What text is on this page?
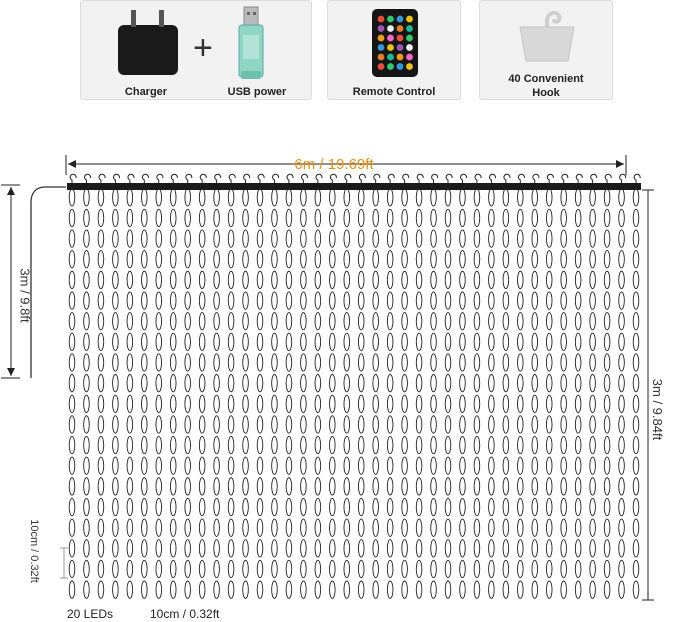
+
Charger	USB power	Remote Control
40 Convenient
Hook
6m / 19.69ft
3m / 9.8ft
3m / 9.84ft
10cm / 0.32ft
20 LEDs	10cm / 0.32ft
